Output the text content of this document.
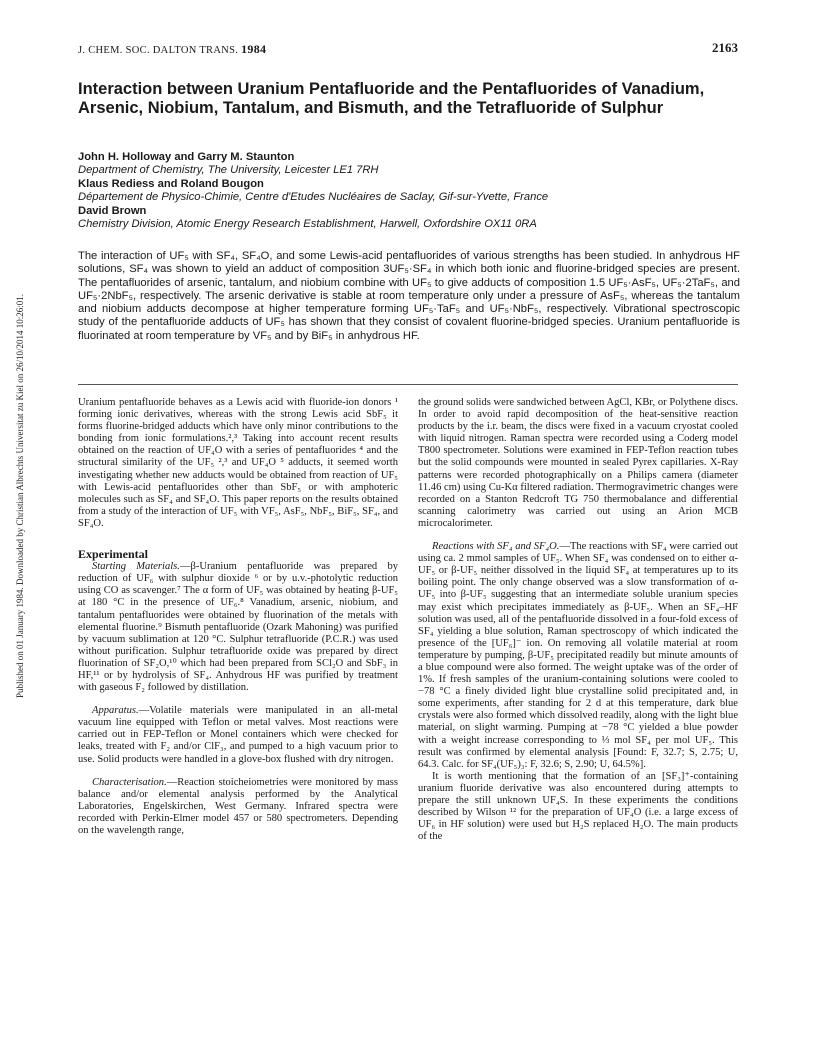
Published on 01 January 1984. Downloaded by Christian Albrechts Universitat zu Kiel on 26/10/2014 10:26:01.
J. CHEM. SOC. DALTON TRANS. 1984	2163
Interaction between Uranium Pentafluoride and the Pentafluorides of Vanadium, Arsenic, Niobium, Tantalum, and Bismuth, and the Tetrafluoride of Sulphur
John H. Holloway and Garry M. Staunton
Department of Chemistry, The University, Leicester LE1 7RH
Klaus Rediess and Roland Bougon
Département de Physico-Chimie, Centre d'Etudes Nucléaires de Saclay, Gif-sur-Yvette, France
David Brown
Chemistry Division, Atomic Energy Research Establishment, Harwell, Oxfordshire OX11 0RA

The interaction of UF₅ with SF₄, SF₄O, and some Lewis-acid pentafluorides of various strengths has been studied. In anhydrous HF solutions, SF₄ was shown to yield an adduct of composition 3UF₅·SF₄ in which both ionic and fluorine-bridged species are present. The pentafluorides of arsenic, tantalum, and niobium combine with UF₅ to give adducts of composition 1.5 UF₅·AsF₅, UF₅·2TaF₅, and UF₅·2NbF₅, respectively. The arsenic derivative is stable at room temperature only under a pressure of AsF₅, whereas the tantalum and niobium adducts decompose at higher temperature forming UF₅·TaF₅ and UF₅·NbF₅, respectively. Vibrational spectroscopic study of the pentafluoride adducts of UF₅ has shown that they consist of covalent fluorine-bridged species. Uranium pentafluoride is fluorinated at room temperature by VF₅ and by BiF₅ in anhydrous HF.

Uranium pentafluoride behaves as a Lewis acid with fluoride-ion donors ¹ forming ionic derivatives, whereas with the strong Lewis acid SbF₅ it forms fluorine-bridged adducts which have only minor contributions to the bonding from ionic formulations.²,³ Taking into account recent results obtained on the reaction of UF₄O with a series of pentafluorides ⁴ and the structural similarity of the UF₅ ²,³ and UF₄O ⁵ adducts, it seemed worth investigating whether new adducts would be obtained from reaction of UF₅ with Lewis-acid pentafluorides other than SbF₅ or with amphoteric molecules such as SF₄ and SF₄O. This paper reports on the results obtained from a study of the interaction of UF₅ with VF₅, AsF₅, NbF₅, BiF₅, SF₄, and SF₄O.

Experimental

Starting Materials.—β-Uranium pentafluoride was prepared by reduction of UF₆ with sulphur dioxide ⁶ or by u.v.-photolytic reduction using CO as scavenger.⁷ The α form of UF₅ was obtained by heating β-UF₅ at 180 °C in the presence of UF₆.⁸ Vanadium, arsenic, niobium, and tantalum pentafluorides were obtained by fluorination of the metals with elemental fluorine.⁹ Bismuth pentafluoride (Ozark Mahoning) was purified by vacuum sublimation at 120 °C. Sulphur tetrafluoride (P.C.R.) was used without purification. Sulphur tetrafluoride oxide was prepared by direct fluorination of SF₂O,¹⁰ which had been prepared from SCl₂O and SbF₃ in HF,¹¹ or by hydrolysis of SF₄. Anhydrous HF was purified by treatment with gaseous F₂ followed by distillation.

Apparatus.—Volatile materials were manipulated in an all-metal vacuum line equipped with Teflon or metal valves. Most reactions were carried out in FEP-Teflon or Monel containers which were checked for leaks, treated with F₂ and/or ClF₃, and pumped to a high vacuum prior to use. Solid products were handled in a glove-box flushed with dry nitrogen.

Characterisation.—Reaction stoicheiometries were monitored by mass balance and/or elemental analysis performed by the Analytical Laboratories, Engelskirchen, West Germany. Infrared spectra were recorded with Perkin-Elmer model 457 or 580 spectrometers. Depending on the wavelength range,

the ground solids were sandwiched between AgCl, KBr, or Polythene discs. In order to avoid rapid decomposition of the heat-sensitive reaction products by the i.r. beam, the discs were fixed in a vacuum cryostat cooled with liquid nitrogen. Raman spectra were recorded using a Coderg model T800 spectrometer. Solutions were examined in FEP-Teflon reaction tubes but the solid compounds were mounted in sealed Pyrex capillaries. X-Ray patterns were recorded photographically on a Philips camera (diameter 11.46 cm) using Cu-Kα filtered radiation. Thermogravimetric changes were recorded on a Stanton Redcroft TG 750 thermobalance and differential scanning calorimetry was carried out using an Arion MCB microcalorimeter.

Reactions with SF₄ and SF₄O.—The reactions with SF₄ were carried out using ca. 2 mmol samples of UF₅. When SF₄ was condensed on to either α-UF₅ or β-UF₅ neither dissolved in the liquid SF₄ at temperatures up to its boiling point. The only change observed was a slow transformation of α-UF₅ into β-UF₅ suggesting that an intermediate soluble uranium species may exist which precipitates immediately as β-UF₅. When an SF₄–HF solution was used, all of the pentafluoride dissolved in a four-fold excess of SF₄ yielding a blue solution, Raman spectroscopy of which indicated the presence of the [UF₆]⁻ ion. On removing all volatile material at room temperature by pumping, β-UF₅ precipitated readily but minute amounts of a blue compound were also formed. The weight uptake was of the order of 1%. If fresh samples of the uranium-containing solutions were cooled to −78 °C a finely divided light blue crystalline solid precipitated and, in some experiments, after standing for 2 d at this temperature, dark blue crystals were also formed which dissolved readily, along with the light blue material, on slight warming. Pumping at −78 °C yielded a blue powder with a weight increase corresponding to ⅓ mol SF₄ per mol UF₅. This result was confirmed by elemental analysis [Found: F, 32.7; S, 2.75; U, 64.3. Calc. for SF₄(UF₅)₃: F, 32.6; S, 2.90; U, 64.5%].

It is worth mentioning that the formation of an [SF₃]⁺-containing uranium fluoride derivative was also encountered during attempts to prepare the still unknown UF₄S. In these experiments the conditions described by Wilson ¹² for the preparation of UF₄O (i.e. a large excess of UF₆ in HF solution) were used but H₂S replaced H₂O. The main products of the
